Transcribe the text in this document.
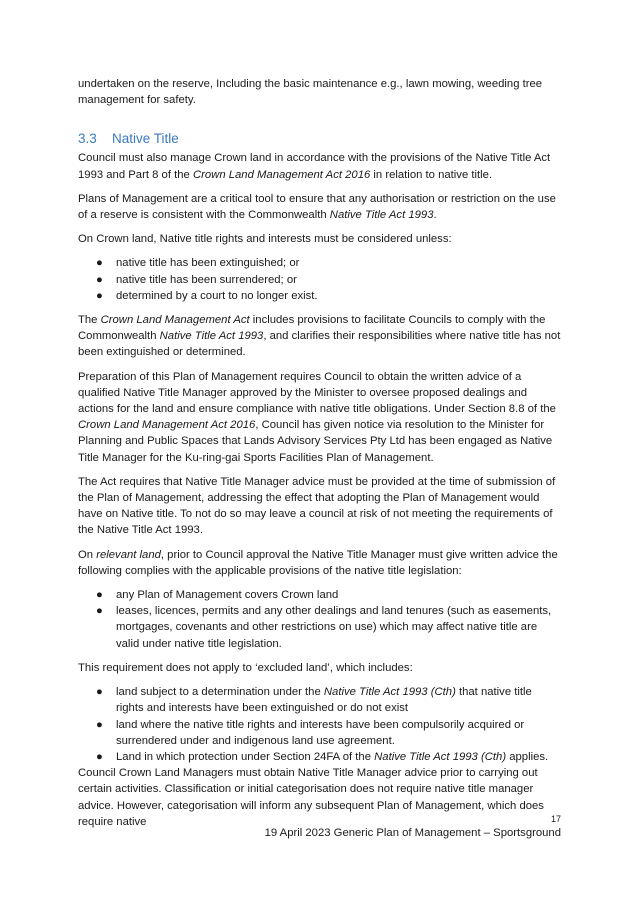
undertaken on the reserve, Including the basic maintenance e.g., lawn mowing, weeding tree management for safety.

3.3 Native Title

Council must also manage Crown land in accordance with the provisions of the Native Title Act 1993 and Part 8 of the Crown Land Management Act 2016 in relation to native title.

Plans of Management are a critical tool to ensure that any authorisation or restriction on the use of a reserve is consistent with the Commonwealth Native Title Act 1993.

On Crown land, Native title rights and interests must be considered unless:

● native title has been extinguished; or
● native title has been surrendered; or
● determined by a court to no longer exist.

The Crown Land Management Act includes provisions to facilitate Councils to comply with the Commonwealth Native Title Act 1993, and clarifies their responsibilities where native title has not been extinguished or determined.

Preparation of this Plan of Management requires Council to obtain the written advice of a qualified Native Title Manager approved by the Minister to oversee proposed dealings and actions for the land and ensure compliance with native title obligations. Under Section 8.8 of the Crown Land Management Act 2016, Council has given notice via resolution to the Minister for Planning and Public Spaces that Lands Advisory Services Pty Ltd has been engaged as Native Title Manager for the Ku-ring-gai Sports Facilities Plan of Management.

The Act requires that Native Title Manager advice must be provided at the time of submission of the Plan of Management, addressing the effect that adopting the Plan of Management would have on Native title. To not do so may leave a council at risk of not meeting the requirements of the Native Title Act 1993.

On relevant land, prior to Council approval the Native Title Manager must give written advice the following complies with the applicable provisions of the native title legislation:

● any Plan of Management covers Crown land
● leases, licences, permits and any other dealings and land tenures (such as easements, mortgages, covenants and other restrictions on use) which may affect native title are valid under native title legislation.

This requirement does not apply to ‘excluded land’, which includes:

● land subject to a determination under the Native Title Act 1993 (Cth) that native title rights and interests have been extinguished or do not exist
● land where the native title rights and interests have been compulsorily acquired or surrendered under and indigenous land use agreement.
● Land in which protection under Section 24FA of the Native Title Act 1993 (Cth) applies.

Council Crown Land Managers must obtain Native Title Manager advice prior to carrying out certain activities. Classification or initial categorisation does not require native title manager advice. However, categorisation will inform any subsequent Plan of Management, which does require native	17
19 April 2023 Generic Plan of Management – Sportsground
